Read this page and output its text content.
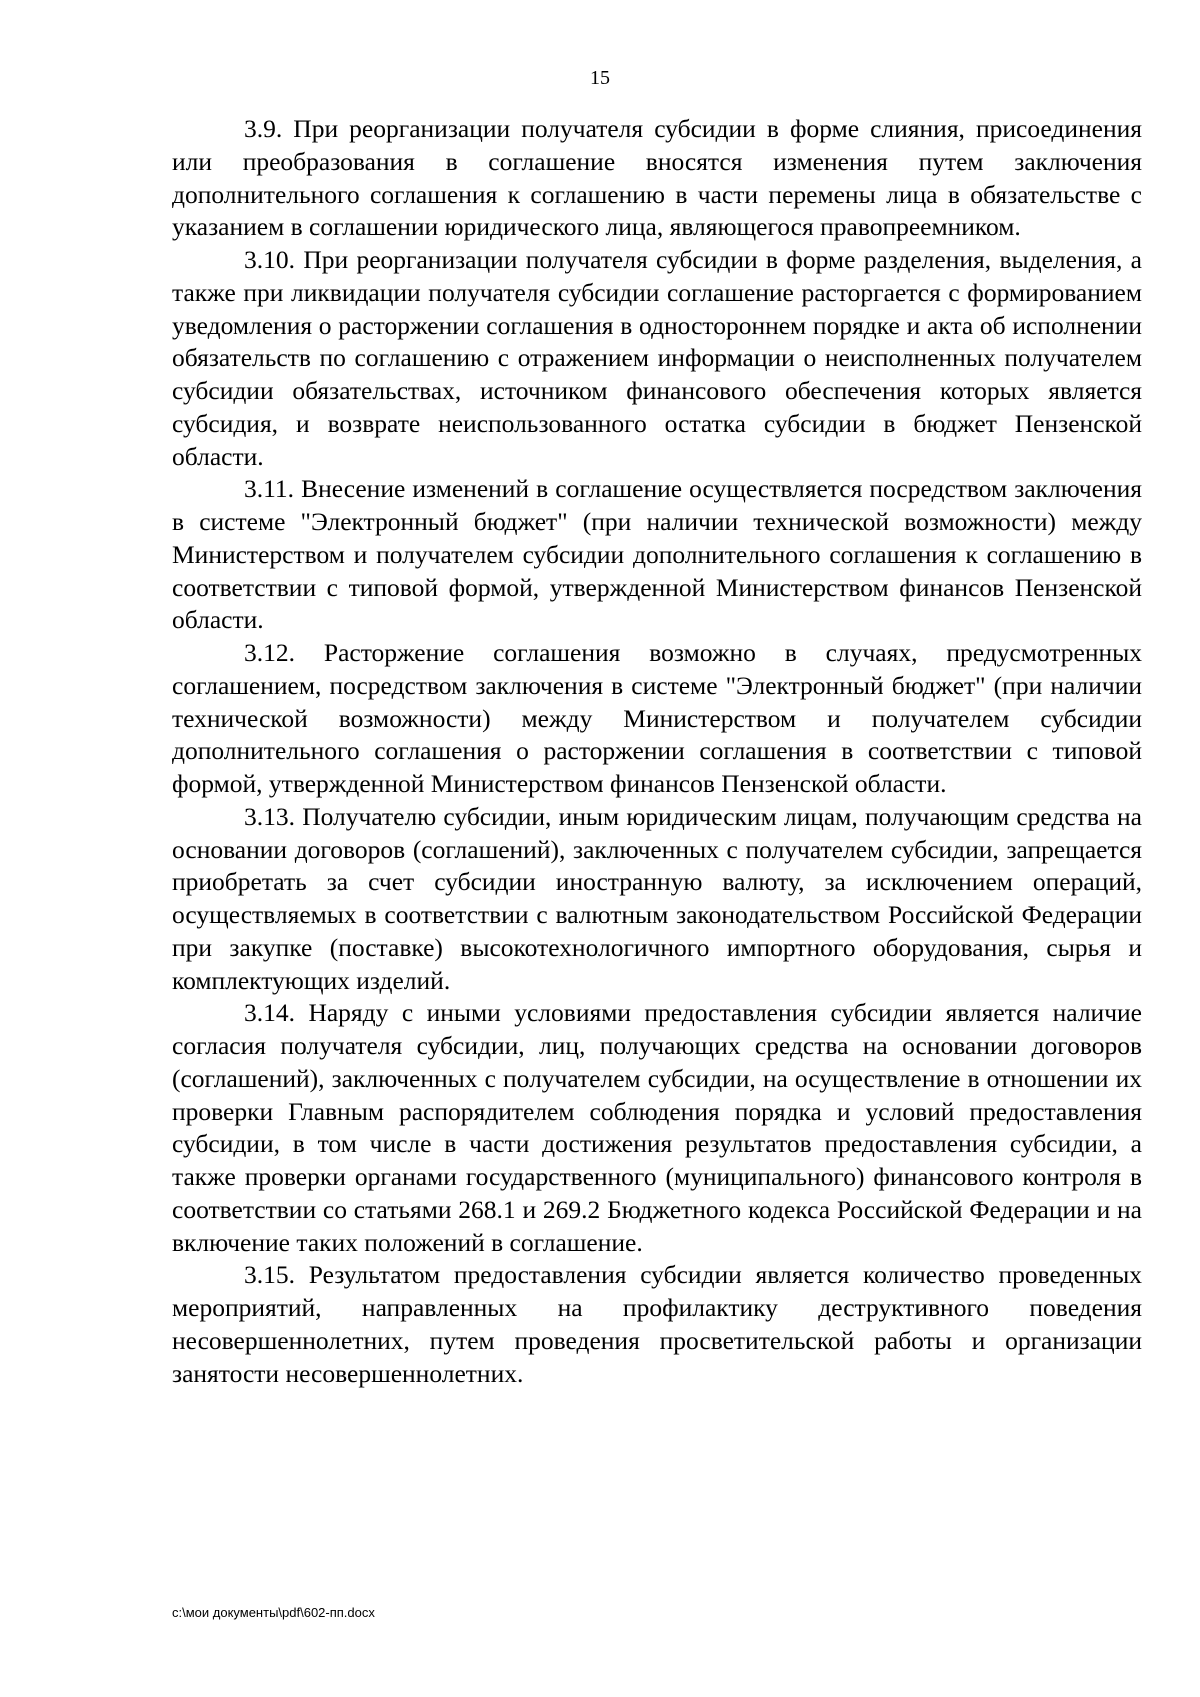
15

3.9. При реорганизации получателя субсидии в форме слияния, присоединения или преобразования в соглашение вносятся изменения путем заключения дополнительного соглашения к соглашению в части перемены лица в обязательстве с указанием в соглашении юридического лица, являющегося правопреемником.

3.10. При реорганизации получателя субсидии в форме разделения, выделения, а также при ликвидации получателя субсидии соглашение расторгается с формированием уведомления о расторжении соглашения в одностороннем порядке и акта об исполнении обязательств по соглашению с отражением информации о неисполненных получателем субсидии обязательствах, источником финансового обеспечения которых является субсидия, и возврате неиспользованного остатка субсидии в бюджет Пензенской области.

3.11. Внесение изменений в соглашение осуществляется посредством заключения в системе "Электронный бюджет" (при наличии технической возможности) между Министерством и получателем субсидии дополнительного соглашения к соглашению в соответствии с типовой формой, утвержденной Министерством финансов Пензенской области.

3.12. Расторжение соглашения возможно в случаях, предусмотренных соглашением, посредством заключения в системе "Электронный бюджет" (при наличии технической возможности) между Министерством и получателем субсидии дополнительного соглашения о расторжении соглашения в соответствии с типовой формой, утвержденной Министерством финансов Пензенской области.

3.13. Получателю субсидии, иным юридическим лицам, получающим средства на основании договоров (соглашений), заключенных с получателем субсидии, запрещается приобретать за счет субсидии иностранную валюту, за исключением операций, осуществляемых в соответствии с валютным законодательством Российской Федерации при закупке (поставке) высокотехнологичного импортного оборудования, сырья и комплектующих изделий.

3.14. Наряду с иными условиями предоставления субсидии является наличие согласия получателя субсидии, лиц, получающих средства на основании договоров (соглашений), заключенных с получателем субсидии, на осуществление в отношении их проверки Главным распорядителем соблюдения порядка и условий предоставления субсидии, в том числе в части достижения результатов предоставления субсидии, а также проверки органами государственного (муниципального) финансового контроля в соответствии со статьями 268.1 и 269.2 Бюджетного кодекса Российской Федерации и на включение таких положений в соглашение.

3.15. Результатом предоставления субсидии является количество проведенных мероприятий, направленных на профилактику деструктивного поведения несовершеннолетних, путем проведения просветительской работы и организации занятости несовершеннолетних.

c:\мои документы\pdf\602-пп.docx
